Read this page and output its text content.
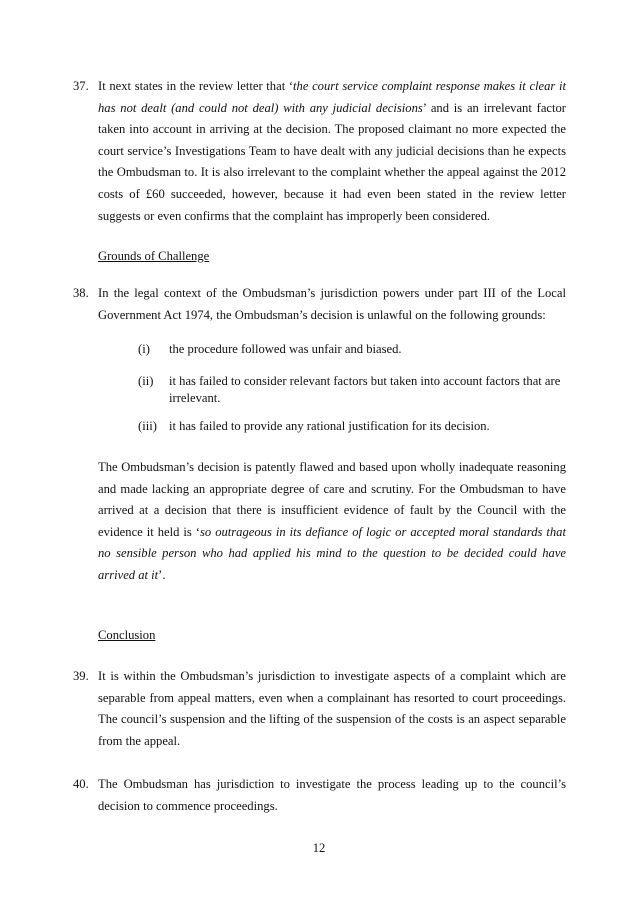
37. It next states in the review letter that ‘the court service complaint response makes it clear it has not dealt (and could not deal) with any judicial decisions’ and is an irrelevant factor taken into account in arriving at the decision. The proposed claimant no more expected the court service’s Investigations Team to have dealt with any judicial decisions than he expects the Ombudsman to. It is also irrelevant to the complaint whether the appeal against the 2012 costs of £60 succeeded, however, because it had even been stated in the review letter suggests or even confirms that the complaint has improperly been considered.
Grounds of Challenge
38. In the legal context of the Ombudsman’s jurisdiction powers under part III of the Local Government Act 1974, the Ombudsman’s decision is unlawful on the following grounds:
(i) the procedure followed was unfair and biased.
(ii) it has failed to consider relevant factors but taken into account factors that are irrelevant.
(iii) it has failed to provide any rational justification for its decision.
The Ombudsman’s decision is patently flawed and based upon wholly inadequate reasoning and made lacking an appropriate degree of care and scrutiny. For the Ombudsman to have arrived at a decision that there is insufficient evidence of fault by the Council with the evidence it held is ‘so outrageous in its defiance of logic or accepted moral standards that no sensible person who had applied his mind to the question to be decided could have arrived at it’.
Conclusion
39. It is within the Ombudsman’s jurisdiction to investigate aspects of a complaint which are separable from appeal matters, even when a complainant has resorted to court proceedings. The council’s suspension and the lifting of the suspension of the costs is an aspect separable from the appeal.
40. The Ombudsman has jurisdiction to investigate the process leading up to the council’s decision to commence proceedings.
12
